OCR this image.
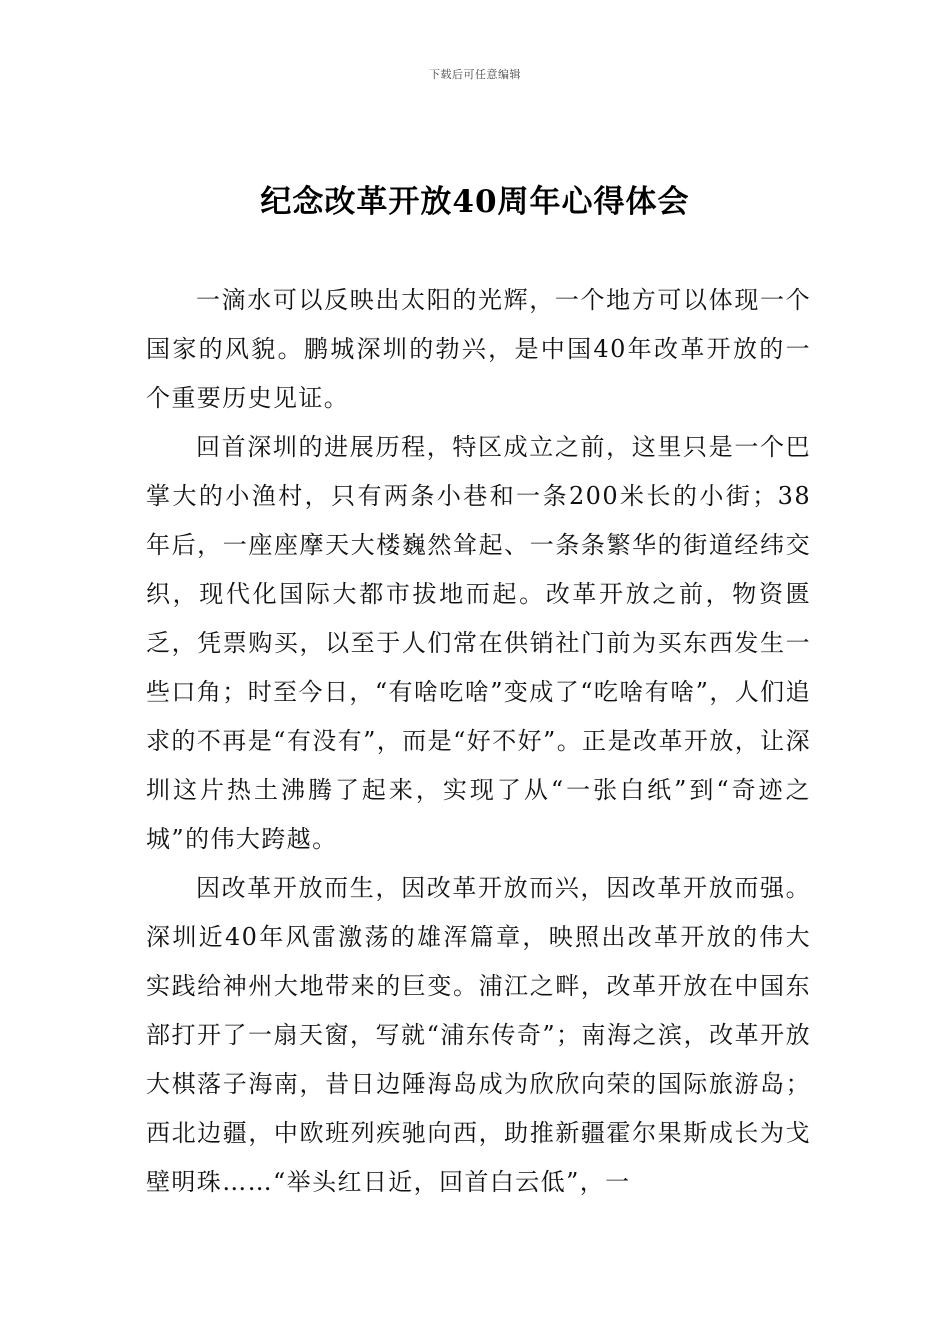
下载后可任意编辑
纪念改革开放40周年心得体会

一滴水可以反映出太阳的光辉，一个地方可以体现一个国家的风貌。鹏城深圳的勃兴，是中国40年改革开放的一个重要历史见证。

回首深圳的进展历程，特区成立之前，这里只是一个巴掌大的小渔村，只有两条小巷和一条200米长的小街；38年后，一座座摩天大楼巍然耸起、一条条繁华的街道经纬交织，现代化国际大都市拔地而起。改革开放之前，物资匮乏，凭票购买，以至于人们常在供销社门前为买东西发生一些口角；时至今日，“有啥吃啥”变成了“吃啥有啥”，人们追求的不再是“有没有”，而是“好不好”。正是改革开放，让深圳这片热土沸腾了起来，实现了从“一张白纸”到“奇迹之城”的伟大跨越。

因改革开放而生，因改革开放而兴，因改革开放而强。深圳近40年风雷激荡的雄浑篇章，映照出改革开放的伟大实践给神州大地带来的巨变。浦江之畔，改革开放在中国东部打开了一扇天窗，写就“浦东传奇”；南海之滨，改革开放大棋落子海南，昔日边陲海岛成为欣欣向荣的国际旅游岛；西北边疆，中欧班列疾驰向西，助推新疆霍尔果斯成长为戈壁明珠……“举头红日近，回首白云低”，一
